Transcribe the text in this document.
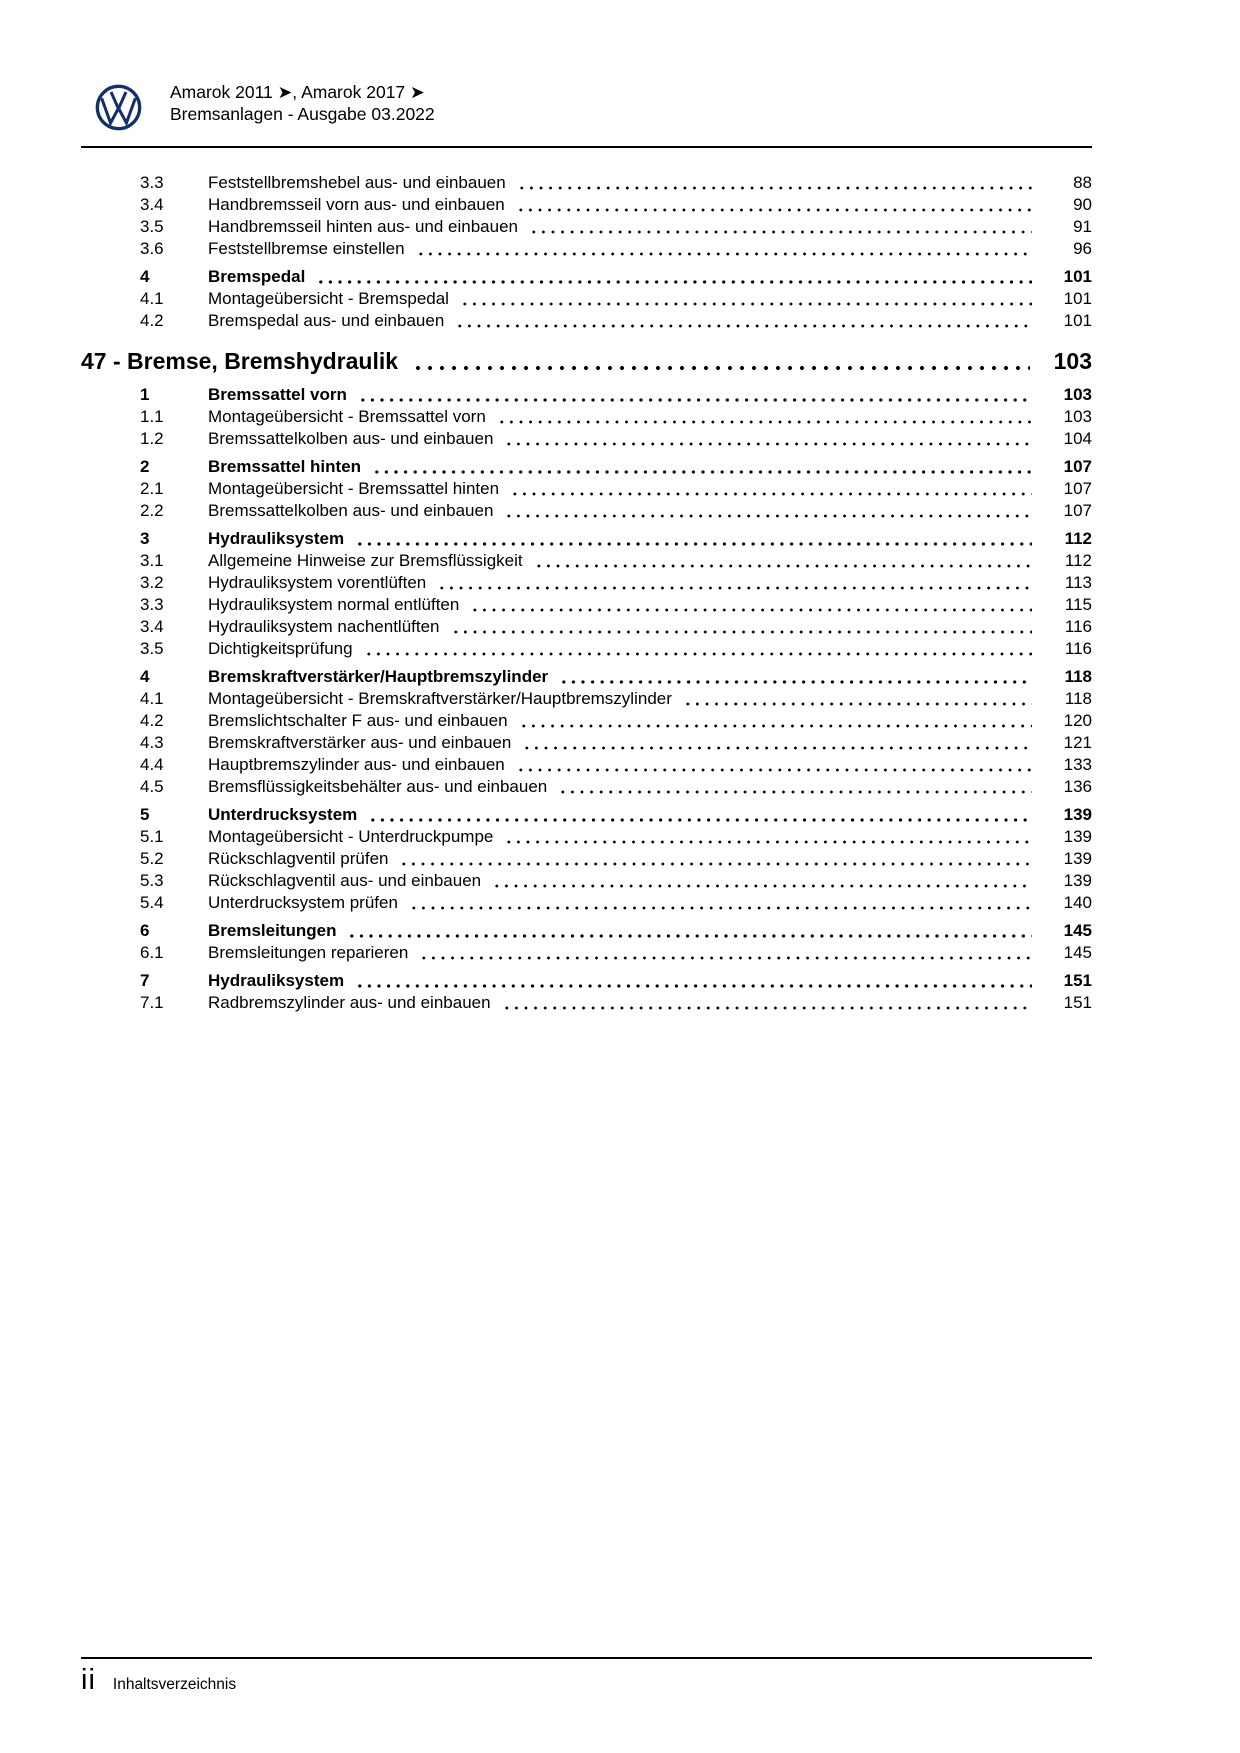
Amarok 2011 ➤, Amarok 2017 ➤
Bremsanlagen - Ausgabe 03.2022
3.3	Feststellbremshebel aus- und einbauen	88
3.4	Handbremsseil vorn aus- und einbauen	90
3.5	Handbremsseil hinten aus- und einbauen	91
3.6	Feststellbremse einstellen	96
4	Bremspedal	101
4.1	Montageübersicht - Bremspedal	101
4.2	Bremspedal aus- und einbauen	101
47 - Bremse, Bremshydraulik	103
1	Bremssattel vorn	103
1.1	Montageübersicht - Bremssattel vorn	103
1.2	Bremssattelkolben aus- und einbauen	104
2	Bremssattel hinten	107
2.1	Montageübersicht - Bremssattel hinten	107
2.2	Bremssattelkolben aus- und einbauen	107
3	Hydrauliksystem	112
3.1	Allgemeine Hinweise zur Bremsflüssigkeit	112
3.2	Hydrauliksystem vorentlüften	113
3.3	Hydrauliksystem normal entlüften	115
3.4	Hydrauliksystem nachentlüften	116
3.5	Dichtigkeitsprüfung	116
4	Bremskraftverstärker/Hauptbremszylinder	118
4.1	Montageübersicht - Bremskraftverstärker/Hauptbremszylinder	118
4.2	Bremslichtschalter F aus- und einbauen	120
4.3	Bremskraftverstärker aus- und einbauen	121
4.4	Hauptbremszylinder aus- und einbauen	133
4.5	Bremsflüssigkeitsbehälter aus- und einbauen	136
5	Unterdrucksystem	139
5.1	Montageübersicht - Unterdruckpumpe	139
5.2	Rückschlagventil prüfen	139
5.3	Rückschlagventil aus- und einbauen	139
5.4	Unterdrucksystem prüfen	140
6	Bremsleitungen	145
6.1	Bremsleitungen reparieren	145
7	Hydrauliksystem	151
7.1	Radbremszylinder aus- und einbauen	151
ii Inhaltsverzeichnis
